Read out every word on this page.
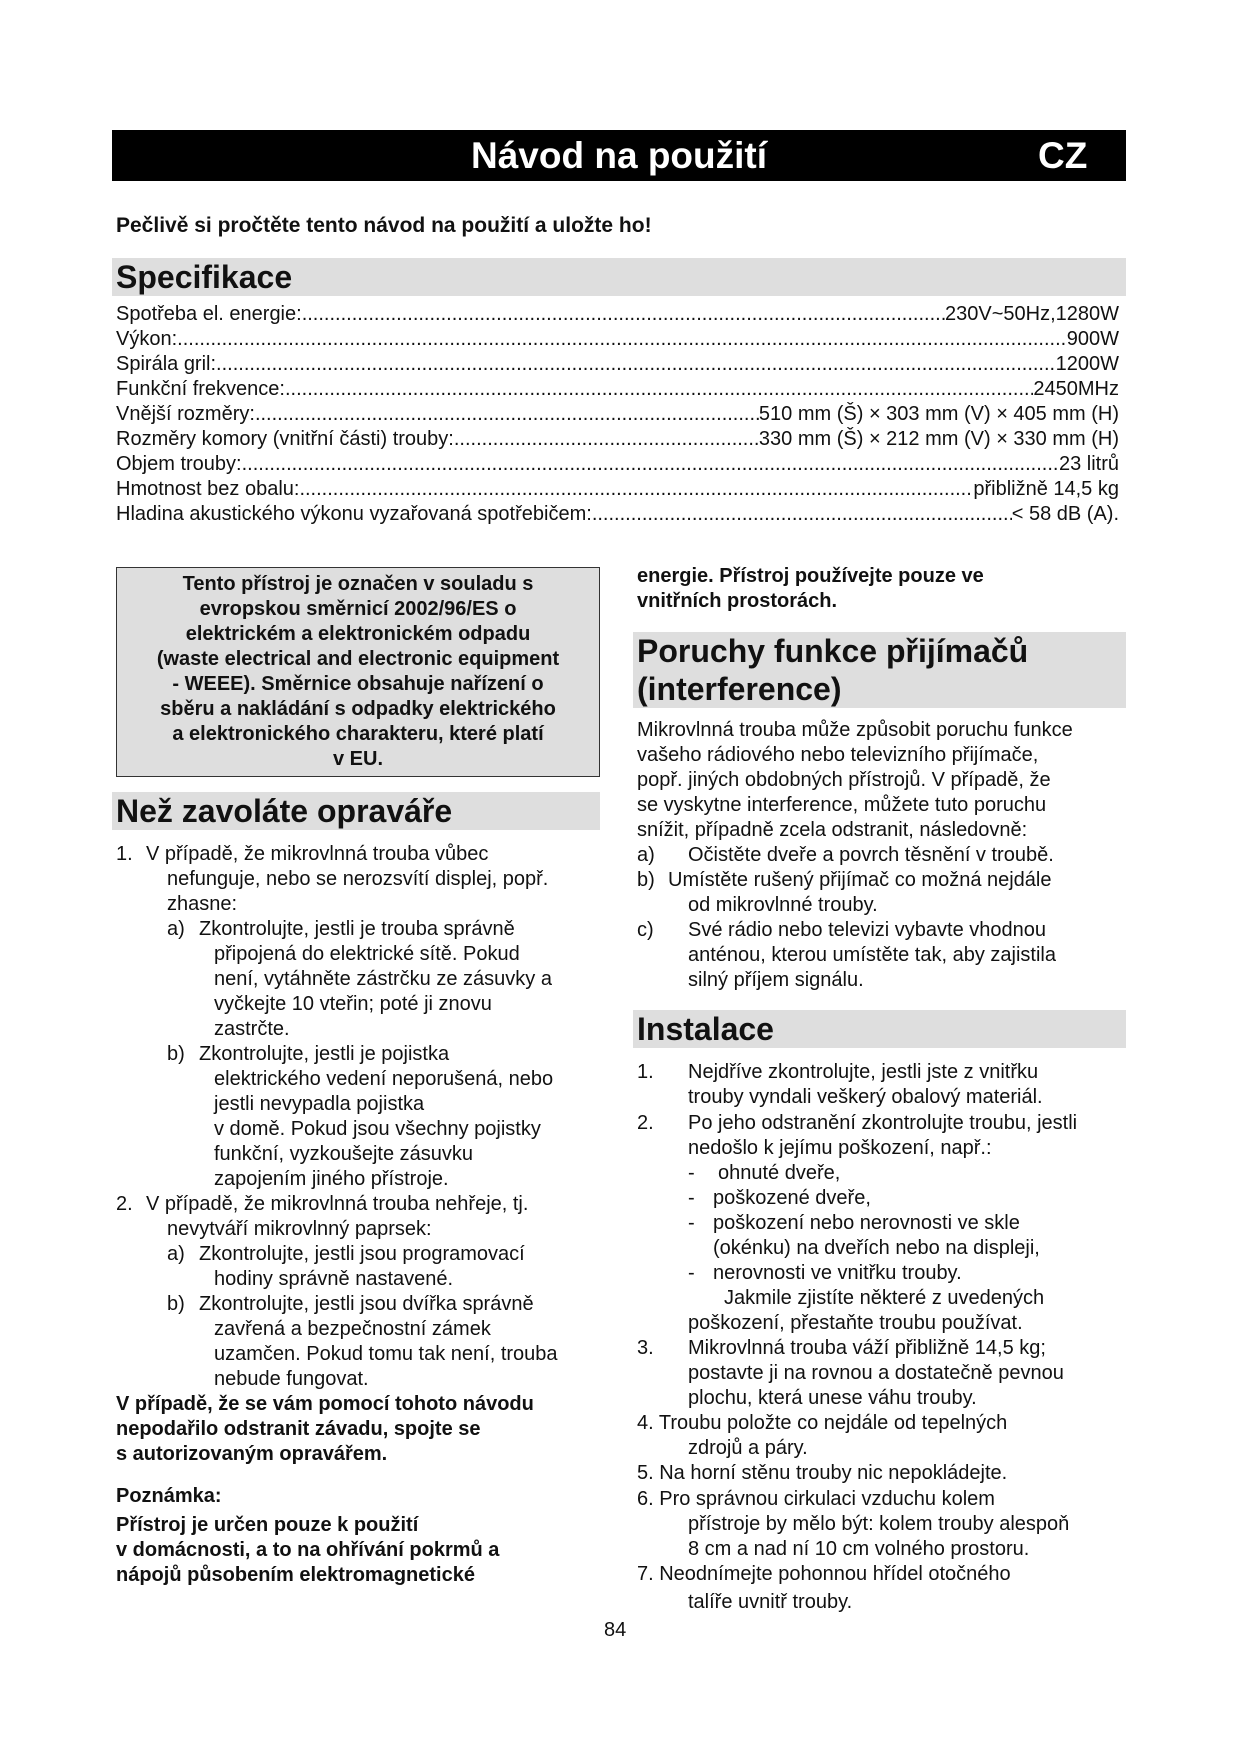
Návod na použití	CZ
Pečlivě si pročtěte tento návod na použití a uložte ho!
Specifikace
Spotřeba el. energie: .....	230V~50Hz,1280W
Výkon: .....	900W
Spirála gril: .....	1200W
Funkční frekvence: .....	2450MHz
Vnější rozměry: .....	510 mm (Š) × 303 mm (V) × 405 mm (H)
Rozměry komory (vnitřní části) trouby: .....	330 mm (Š) × 212 mm (V) × 330 mm (H)
Objem trouby: .....	23 litrů
Hmotnost bez obalu: .....	přibližně 14,5 kg
Hladina akustického výkonu vyzařovaná spotřebičem: .....	< 58 dB (A).

Tento přístroj je označen v souladu s

evropskou směrnicí 2002/96/ES o

elektrickém a elektronickém odpadu

(waste electrical and electronic equipment

- WEEE). Směrnice obsahuje nařízení o

sběru a nakládání s odpadky elektrického

a elektronického charakteru, které platí

v EU.

Než zavoláte opraváře
1. V případě, že mikrovlnná trouba vůbec
nefunguje, nebo se nerozsvítí displej, popř.
zhasne:
a) Zkontrolujte, jestli je trouba správně
připojená do elektrické sítě. Pokud
není, vytáhněte zástrčku ze zásuvky a
vyčkejte 10 vteřin; poté ji znovu
zastrčte.
b) Zkontrolujte, jestli je pojistka
elektrického vedení neporušená, nebo
jestli nevypadla pojistka
v domě. Pokud jsou všechny pojistky
funkční, vyzkoušejte zásuvku
zapojením jiného přístroje.
2. V případě, že mikrovlnná trouba nehřeje, tj.
nevytváří mikrovlnný paprsek:
a) Zkontrolujte, jestli jsou programovací
hodiny správně nastavené.
b) Zkontrolujte, jestli jsou dvířka správně
zavřená a bezpečnostní zámek
uzamčen. Pokud tomu tak není, trouba
nebude fungovat.
V případě, že se vám pomocí tohoto návodu
nepodařilo odstranit závadu, spojte se
s autorizovaným opravářem.
Poznámka:
Přístroj je určen pouze k použití
v domácnosti, a to na ohřívání pokrmů a
nápojů působením elektromagnetické
energie. Přístroj používejte pouze ve
vnitřních prostorách.
Poruchy funkce přijímačů
(interference)
Mikrovlnná trouba může způsobit poruchu funkce
vašeho rádiového nebo televizního přijímače,
popř. jiných obdobných přístrojů. V případě, že
se vyskytne interference, můžete tuto poruchu
snížit, případně zcela odstranit, následovně:
a) Očistěte dveře a povrch těsnění v troubě.
b) Umístěte rušený přijímač co možná nejdále
od mikrovlnné trouby.
c) Své rádio nebo televizi vybavte vhodnou
anténou, kterou umístěte tak, aby zajistila
silný příjem signálu.
Instalace
1. Nejdříve zkontrolujte, jestli jste z vnitřku
trouby vyndali veškerý obalový materiál.
2. Po jeho odstranění zkontrolujte troubu, jestli
nedošlo k jejímu poškození, např.:
- ohnuté dveře,
- poškozené dveře,
- poškození nebo nerovnosti ve skle
(okénku) na dveřích nebo na displeji,
- nerovnosti ve vnitřku trouby.
Jakmile zjistíte některé z uvedených
poškození, přestaňte troubu používat.
3. Mikrovlnná trouba váží přibližně 14,5 kg;
postavte ji na rovnou a dostatečně pevnou
plochu, která unese váhu trouby.
4. Troubu položte co nejdále od tepelných
zdrojů a páry.
5. Na horní stěnu trouby nic nepokládejte.
6. Pro správnou cirkulaci vzduchu kolem
přístroje by mělo být: kolem trouby alespoň
8 cm a nad ní 10 cm volného prostoru.
7. Neodnímejte pohonnou hřídel otočného
talíře uvnitř trouby.
84
